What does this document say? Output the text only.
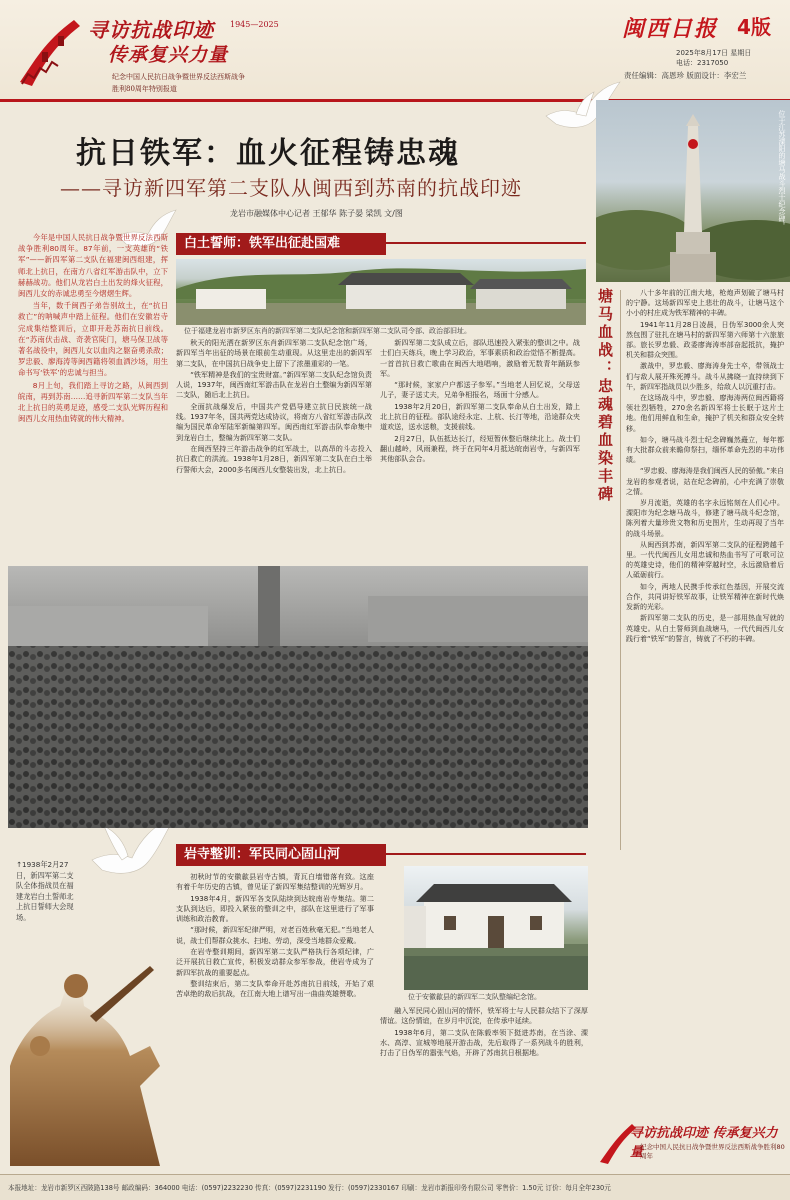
寻访抗战印迹
传承复兴力量
1945—2025
纪念中国人民抗日战争暨世界反法西斯战争
胜利80周年特别报道
闽西日报 4版
2025年8月17日 星期日
电话：2317050
责任编辑：高恩珍 版面设计：李宏兰
抗日铁军：血火征程铸忠魂
——寻访新四军第二支队从闽西到苏南的抗战印迹
龙岩市融媒体中心记者 王郁华 陈子晏 梁凯 文/图

今年是中国人民抗日战争暨世界反法西斯战争胜利80周年。87年前，一支英雄的“铁军”——新四军第二支队在福建闽西组建，挥师北上抗日，在南方八省红军游击队中，立下赫赫战功。他们从龙岩白土出发的烽火征程，闽西儿女的赤诚忠勇至今熠熠生辉。

当年，数千闽西子弟告别故土，在“抗日救亡”的呐喊声中踏上征程。他们在安徽岩寺完成集结整训后，立即开赴苏南抗日前线。在“苏南伏击战、奇袭官陡门，塘马保卫战等著名战役中，闽西儿女以血肉之躯奋勇杀敌；罗忠毅、廖海涛等闽西籍将领血洒沙场，用生命书写‘铁军’的忠诚与担当。

8月上旬，我们踏上寻访之路，从闽西到皖南，再到苏南……追寻新四军第二支队当年北上抗日的英勇足迹，感受二支队光辉历程和闽西儿女用热血铸就的伟大精神。

位于江苏溧阳的塘马战斗烈士纪念碑。
白土誓师：铁军出征赴国难
位于福建龙岩市新罗区东肖的新四军第二支队纪念馆和新四军第二支队司令部、政治部旧址。

秋天的阳光洒在新罗区东肖新四军第二支队纪念馆广场，新四军当年出征的场景在眼前生动重现。从这里走出的新四军第二支队，在中国抗日战争史上留下了浓墨重彩的一笔。

“铁军精神是我们的宝贵财富。”新四军第二支队纪念馆负责人说，1937年，闽西南红军游击队在龙岩白土整编为新四军第二支队，随后北上抗日。

全面抗战爆发后，中国共产党倡导建立抗日民族统一战线。1937年冬，国共两党达成协议，将南方八省红军游击队改编为国民革命军陆军新编第四军。闽西南红军游击队奉命集中到龙岩白土，整编为新四军第二支队。

在闽西坚持三年游击战争的红军战士，以高昂的斗志投入抗日救亡的洪流。1938年1月28日，新四军第二支队在白土举行誓师大会，2000多名闽西儿女整装出发，北上抗日。

新四军第二支队成立后，部队迅速投入紧张的整训之中。战士们白天练兵，晚上学习政治，军事素质和政治觉悟不断提高。一首首抗日救亡歌曲在闽西大地唱响，激励着无数青年踊跃参军。

“那时候，家家户户都送子参军。”当地老人回忆说，父母送儿子，妻子送丈夫，兄弟争相报名，场面十分感人。

1938年2月20日，新四军第二支队奉命从白土出发，踏上北上抗日的征程。部队途经永定、上杭、长汀等地，沿途群众夹道欢送，送水送粮，支援前线。

2月27日，队伍抵达长汀，经短暂休整后继续北上。战士们翻山越岭，风雨兼程，终于在同年4月抵达皖南岩寺，与新四军其他部队会合。

↑1938年2月27日，新四军第二支队全体指战员在福建龙岩白土誓师北上抗日誓师大会现场。
塘马血战：忠魂碧血染丰碑	八十多年前的江南大地，枪炮声划破了塘马村的宁静。这场新四军史上悲壮的战斗，让塘马这个小小的村庄成为铁军精神的丰碑。

1941年11月28日凌晨，日伪军3000余人突然包围了驻扎在塘马村的新四军第六师第十六旅旅部。旅长罗忠毅、政委廖海涛率部奋起抵抗，掩护机关和群众突围。

激战中，罗忠毅、廖海涛身先士卒，带领战士们与敌人展开殊死搏斗。战斗从拂晓一直持续到下午，新四军指战员以少胜多，给敌人以沉重打击。

在这场战斗中，罗忠毅、廖海涛两位闽西籍将领壮烈牺牲，270余名新四军将士长眠于这片土地。他们用鲜血和生命，掩护了机关和群众安全转移。

如今，塘马战斗烈士纪念碑巍然矗立，每年都有大批群众前来瞻仰祭扫，缅怀革命先烈的丰功伟绩。

“罗忠毅、廖海涛是我们闽西人民的骄傲。”来自龙岩的参观者说，站在纪念碑前，心中充满了崇敬之情。

岁月流逝，英雄的名字永远铭刻在人们心中。溧阳市为纪念塘马战斗，修建了塘马战斗纪念馆，陈列着大量珍贵文物和历史图片，生动再现了当年的战斗场景。

从闽西到苏南，新四军第二支队的征程跨越千里。一代代闽西儿女用忠诚和热血书写了可歌可泣的英雄史诗，他们的精神穿越时空，永远激励着后人砥砺前行。

如今，两地人民携手传承红色基因，开展交流合作，共同讲好铁军故事，让铁军精神在新时代焕发新的光彩。

新四军第二支队的历史，是一部用热血写就的英雄史。从白土誓师到血战塘马，一代代闽西儿女践行着“铁军”的誓言，铸就了不朽的丰碑。

岩寺整训：军民同心固山河

初秋时节的安徽歙县岩寺古镇，青瓦白墙错落有致。这座有着千年历史的古镇，曾见证了新四军集结整训的光辉岁月。

1938年4月，新四军各支队陆续到达皖南岩寺集结。第二支队到达后，即投入紧张的整训之中，部队在这里进行了军事训练和政治教育。

“那时候，新四军纪律严明，对老百姓秋毫无犯。”当地老人说，战士们帮群众挑水、扫地、劳动，深受当地群众爱戴。

在岩寺整训期间，新四军第二支队严格执行各项纪律，广泛开展抗日救亡宣传，积极发动群众参军参战，使岩寺成为了新四军抗战的重要起点。

整训结束后，第二支队奉命开赴苏南抗日前线，开始了艰苦卓绝的敌后抗战，在江南大地上谱写出一曲曲英雄赞歌。	位于安徽歙县的新四军二支队整编纪念馆。

融入军民同心固山河的情怀，铁军将士与人民群众结下了深厚情谊。这份情谊，在岁月中沉淀，在传承中延续。

1938年6月，第二支队在陈毅率领下挺进苏南，在当涂、溧水、高淳、宣城等地展开游击战，先后取得了一系列战斗的胜利，打击了日伪军的嚣张气焰，开辟了苏南抗日根据地。

寻访抗战印迹 传承复兴力量
纪念中国人民抗日战争暨世界反法西斯战争胜利80周年
本报地址：龙岩市新罗区西陂路138号 邮政编码：364000 电话：(0597)2232230 传真：(0597)2231190 发行：(0597)2330167 印刷：龙岩市新报印务有限公司 零售价：1.50元 订价：每月全年230元
